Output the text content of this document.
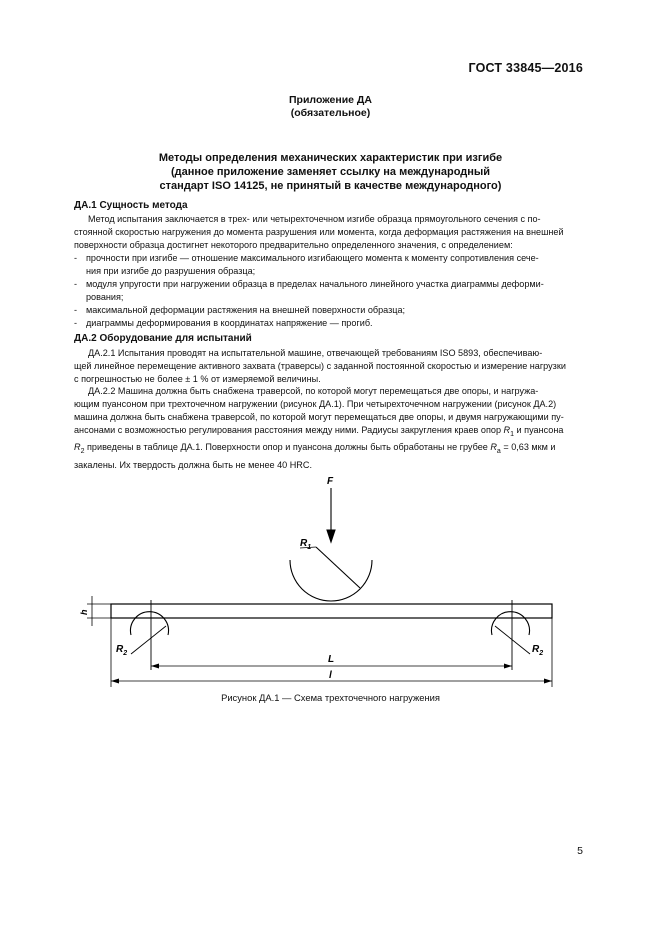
ГОСТ 33845—2016
Приложение ДА
(обязательное)
Методы определения механических характеристик при изгибе
(данное приложение заменяет ссылку на международный
стандарт ISO 14125, не принятый в качестве международного)
ДА.1 Сущность метода
Метод испытания заключается в трех- или четырехточечном изгибе образца прямоугольного сечения с по-
стоянной скоростью нагружения до момента разрушения или момента, когда деформация растяжения на внешней
поверхности образца достигнет некоторого предварительно определенного значения, с определением:
- прочности при изгибе — отношение максимального изгибающего момента к моменту сопротивления сече-
ния при изгибе до разрушения образца;
- модуля упругости при нагружении образца в пределах начального линейного участка диаграммы деформи-
рования;
- максимальной деформации растяжения на внешней поверхности образца;
- диаграммы деформирования в координатах напряжение — прогиб.
ДА.2 Оборудование для испытаний
ДА.2.1 Испытания проводят на испытательной машине, отвечающей требованиям ISO 5893, обеспечиваю-
щей линейное перемещение активного захвата (траверсы) с заданной постоянной скоростью и измерение нагрузки
с погрешностью не более ± 1 % от измеряемой величины.
ДА.2.2 Машина должна быть снабжена траверсой, по которой могут перемещаться две опоры, и нагружа-
ющим пуансоном при трехточечном нагружении (рисунок ДА.1). При четырехточечном нагружении (рисунок ДА.2)
машина должна быть снабжена траверсой, по которой могут перемещаться две опоры, и двумя нагружающими пу-
ансонами с возможностью регулирования расстояния между ними. Радиусы закругления краев опор $R_1$ и пуансона
$R_2$ приведены в таблице ДА.1. Поверхности опор и пуансона должны быть обработаны не грубее $R_a = 0,63$ мкм и
закалены. Их твердость должна быть не менее 40 HRC.
F
$R_1$
$R_2$	$R_2$
h
L
l
Рисунок ДА.1 — Схема трехточечного нагружения
5
